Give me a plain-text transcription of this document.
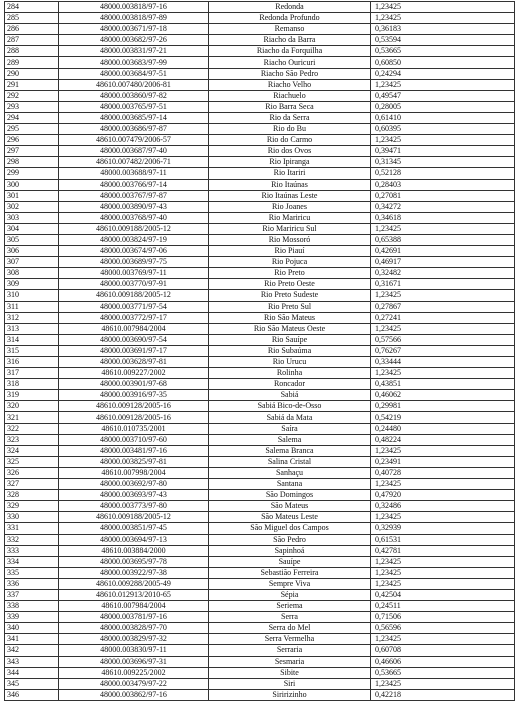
284	48000.003818/97-16	Redonda	1,23425
285	48000.003818/97-89	Redonda Profundo	1,23425
286	48000.003671/97-18	Remanso	0,36183
287	48000.003682/97-26	Riacho da Barra	0,53594
288	48000.003831/97-21	Riacho da Forquilha	0,53665
289	48000.003683/97-99	Riacho Ouricuri	0,60850
290	48000.003684/97-51	Riacho São Pedro	0,24294
291	48610.007480/2006-81	Riacho Velho	1,23425
292	48000.003860/97-82	Riachuelo	0,49547
293	48000.003765/97-51	Rio Barra Seca	0,28005
294	48000.003685/97-14	Rio da Serra	0,61410
295	48000.003686/97-87	Rio do Bu	0,60395
296	48610.007479/2006-57	Rio do Carmo	1,23425
297	48000.003687/97-40	Rio dos Ovos	0,39471
298	48610.007482/2006-71	Rio Ipiranga	0,31345
299	48000.003688/97-11	Rio Itariri	0,52128
300	48000.003766/97-14	Rio Itaúnas	0,28403
301	48000.003767/97-87	Rio Itaúnas Leste	0,27081
302	48000.003890/97-43	Rio Joanes	0,34272
303	48000.003768/97-40	Rio Mariricu	0,34618
304	48610.009188/2005-12	Rio Mariricu Sul	1,23425
305	48000.003824/97-19	Rio Mossoró	0,65388
306	48000.003674/97-06	Rio Piauí	0,42691
307	48000.003689/97-75	Rio Pojuca	0,46917
308	48000.003769/97-11	Rio Preto	0,32482
309	48000.003770/97-91	Rio Preto Oeste	0,31671
310	48610.009188/2005-12	Rio Preto Sudeste	1,23425
311	48000.003771/97-54	Rio Preto Sul	0,27867
312	48000.003772/97-17	Rio São Mateus	0,27241
313	48610.007984/2004	Rio São Mateus Oeste	1,23425
314	48000.003690/97-54	Rio Sauípe	0,57566
315	48000.003691/97-17	Rio Subaúma	0,76267
316	48000.003628/97-81	Rio Urucu	0,33444
317	48610.009227/2002	Rolinha	1,23425
318	48000.003901/97-68	Roncador	0,43851
319	48000.003916/97-35	Sabiá	0,46062
320	48610.009128/2005-16	Sabiá Bico-de-Osso	0,29981
321	48610.009128/2005-16	Sabiá da Mata	0,54219
322	48610.010735/2001	Saíra	0,24480
323	48000.003710/97-60	Salema	0,48224
324	48000.003481/97-16	Salema Branca	1,23425
325	48000.003825/97-81	Salina Cristal	0,23491
326	48610.007998/2004	Sanhaçu	0,40728
327	48000.003692/97-80	Santana	1,23425
328	48000.003693/97-43	São Domingos	0,47920
329	48000.003773/97-80	São Mateus	0,32486
330	48610.009188/2005-12	São Mateus Leste	1,23425
331	48000.003851/97-45	São Miguel dos Campos	0,32939
332	48000.003694/97-13	São Pedro	0,61531
333	48610.003884/2000	Sapinhoá	0,42781
334	48000.003695/97-78	Sauípe	1,23425
335	48000.003922/97-38	Sebastião Ferreira	1,23425
336	48610.009288/2005-49	Sempre Viva	1,23425
337	48610.012913/2010-65	Sépia	0,42504
338	48610.007984/2004	Seriema	0,24511
339	48000.003781/97-16	Serra	0,71506
340	48000.003828/97-70	Serra do Mel	0,56596
341	48000.003829/97-32	Serra Vermelha	1,23425
342	48000.003830/97-11	Serraria	0,60708
343	48000.003696/97-31	Sesmaria	0,46606
344	48610.009225/2002	Sibite	0,53665
345	48000.003479/97-22	Siri	1,23425
346	48000.003862/97-16	Siririzinho	0,42218
